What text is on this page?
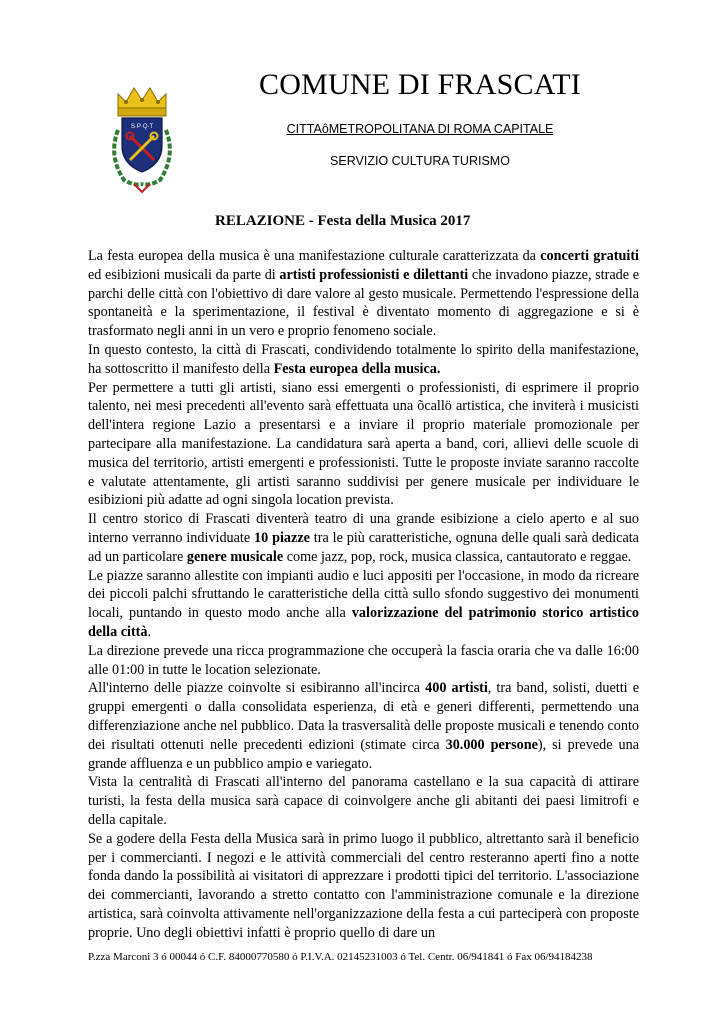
S·P·Q·T
COMUNE DI FRASCATI
CITTAôMETROPOLITANA DI ROMA CAPITALE
SERVIZIO CULTURA TURISMO
RELAZIONE - Festa della Musica 2017

La festa europea della musica è una manifestazione culturale caratterizzata da concerti gratuiti ed esibizioni musicali da parte di artisti professionisti e dilettanti che invadono piazze, strade e parchi delle città con l'obiettivo di dare valore al gesto musicale. Permettendo l'espressione della spontaneità e la sperimentazione, il festival è diventato momento di aggregazione e si è trasformato negli anni in un vero e proprio fenomeno sociale.

In questo contesto, la città di Frascati, condividendo totalmente lo spirito della manifestazione, ha sottoscritto il manifesto della Festa europea della musica.

Per permettere a tutti gli artisti, siano essi emergenti o professionisti, di esprimere il proprio talento, nei mesi precedenti all'evento sarà effettuata una õcallö artistica, che inviterà i musicisti dell'intera regione Lazio a presentarsi e a inviare il proprio materiale promozionale per partecipare alla manifestazione. La candidatura sarà aperta a band, cori, allievi delle scuole di musica del territorio, artisti emergenti e professionisti. Tutte le proposte inviate saranno raccolte e valutate attentamente, gli artisti saranno suddivisi per genere musicale per individuare le esibizioni più adatte ad ogni singola location prevista.

Il centro storico di Frascati diventerà teatro di una grande esibizione a cielo aperto e al suo interno verranno individuate 10 piazze tra le più caratteristiche, ognuna delle quali sarà dedicata ad un particolare genere musicale come jazz, pop, rock, musica classica, cantautorato e reggae.

Le piazze saranno allestite con impianti audio e luci appositi per l'occasione, in modo da ricreare dei piccoli palchi sfruttando le caratteristiche della città sullo sfondo suggestivo dei monumenti locali, puntando in questo modo anche alla valorizzazione del patrimonio storico artistico della città.

La direzione prevede una ricca programmazione che occuperà la fascia oraria che va dalle 16:00 alle 01:00 in tutte le location selezionate.

All'interno delle piazze coinvolte si esibiranno all'incirca 400 artisti, tra band, solisti, duetti e gruppi emergenti o dalla consolidata esperienza, di età e generi differenti, permettendo una differenziazione anche nel pubblico. Data la trasversalità delle proposte musicali e tenendo conto dei risultati ottenuti nelle precedenti edizioni (stimate circa 30.000 persone), si prevede una grande affluenza e un pubblico ampio e variegato.

Vista la centralità di Frascati all'interno del panorama castellano e la sua capacità di attirare turisti, la festa della musica sarà capace di coinvolgere anche gli abitanti dei paesi limitrofi e della capitale.

Se a godere della Festa della Musica sarà in primo luogo il pubblico, altrettanto sarà il beneficio per i commercianti. I negozi e le attività commerciali del centro resteranno aperti fino a notte fonda dando la possibilità ai visitatori di apprezzare i prodotti tipici del territorio. L'associazione dei commercianti, lavorando a stretto contatto con l'amministrazione comunale e la direzione artistica, sarà coinvolta attivamente nell'organizzazione della festa a cui parteciperà con proposte proprie. Uno degli obiettivi infatti è proprio quello di dare un

P.zza Marconi 3 ó 00044 ó C.F. 84000770580 ó P.I.V.A. 02145231003 ó Tel. Centr. 06/941841 ó Fax 06/94184238
